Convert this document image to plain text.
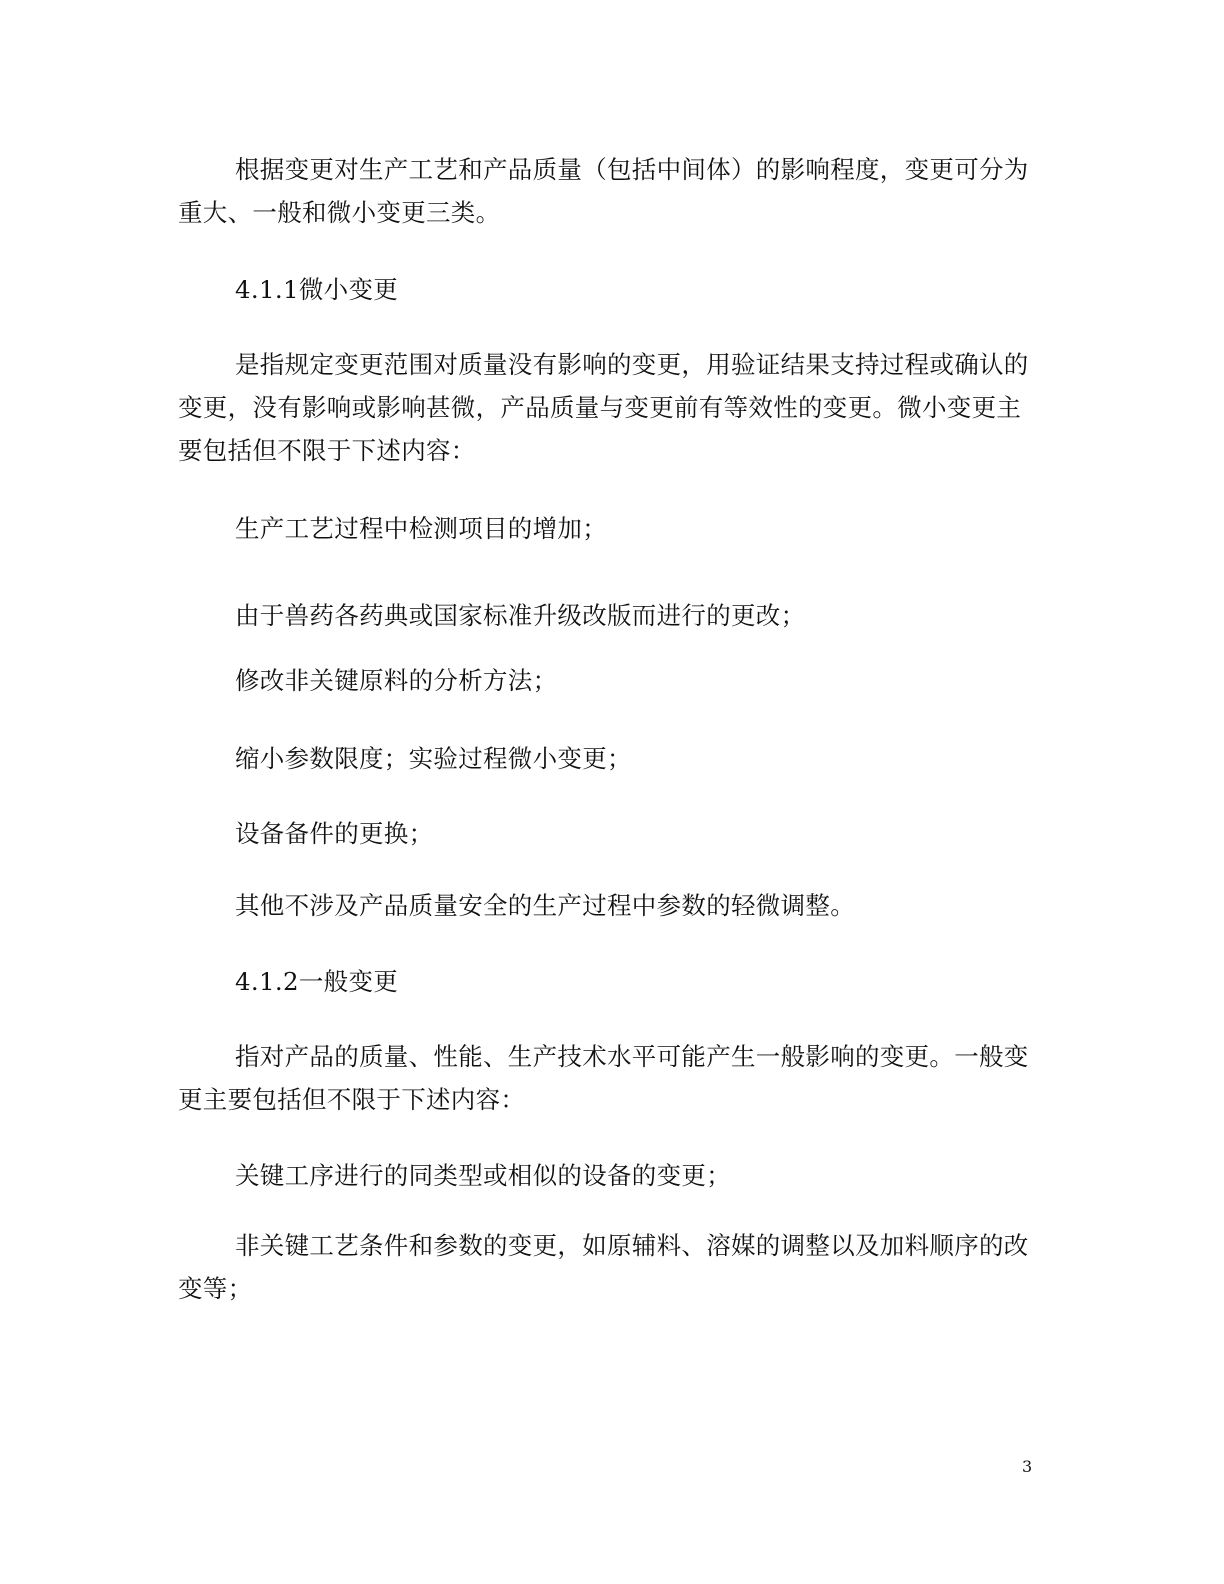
根据变更对生产工艺和产品质量（包括中间体）的影响程度，变更可分为重大、一般和微小变更三类。

4.1.1微小变更

是指规定变更范围对质量没有影响的变更，用验证结果支持过程或确认的变更，没有影响或影响甚微，产品质量与变更前有等效性的变更。微小变更主要包括但不限于下述内容：

生产工艺过程中检测项目的增加；

由于兽药各药典或国家标准升级改版而进行的更改；

修改非关键原料的分析方法；

缩小参数限度；实验过程微小变更；

设备备件的更换；

其他不涉及产品质量安全的生产过程中参数的轻微调整。

4.1.2一般变更

指对产品的质量、性能、生产技术水平可能产生一般影响的变更。一般变更主要包括但不限于下述内容：

关键工序进行的同类型或相似的设备的变更；

非关键工艺条件和参数的变更，如原辅料、溶媒的调整以及加料顺序的改变等；

3
